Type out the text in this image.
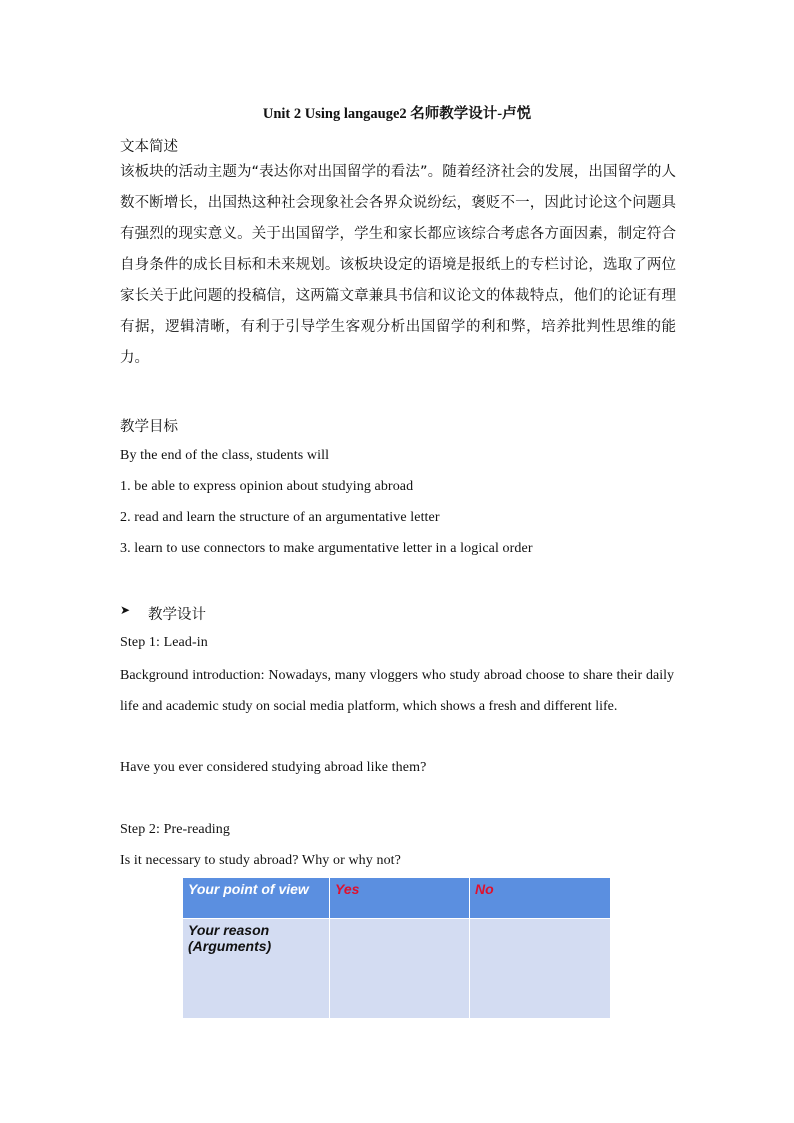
Unit 2 Using langauge2 名师教学设计-卢悦
文本简述
该板块的活动主题为“表达你对出国留学的看法”。随着经济社会的发展，出国留学的人数不断增长，出国热这种社会现象社会各界众说纷纭，褒贬不一，因此讨论这个问题具有强烈的现实意义。关于出国留学，学生和家长都应该综合考虑各方面因素，制定符合自身条件的成长目标和未来规划。该板块设定的语境是报纸上的专栏讨论，选取了两位家长关于此问题的投稿信，这两篇文章兼具书信和议论文的体裁特点，他们的论证有理有据，逻辑清晰，有利于引导学生客观分析出国留学的利和弊，培养批判性思维的能力。
教学目标
By the end of the class, students will
1. be able to express opinion about studying abroad
2. read and learn the structure of an argumentative letter
3. learn to use connectors to make argumentative letter in a logical order
➤ 教学设计
Step 1: Lead-in
Background introduction: Nowadays, many vloggers who study abroad choose to share their daily life and academic study on social media platform, which shows a fresh and different life.
Have you ever considered studying abroad like them?
Step 2: Pre-reading
Is it necessary to study abroad? Why or why not?
Your point of view	Yes	No

Your reason
(Arguments)		
